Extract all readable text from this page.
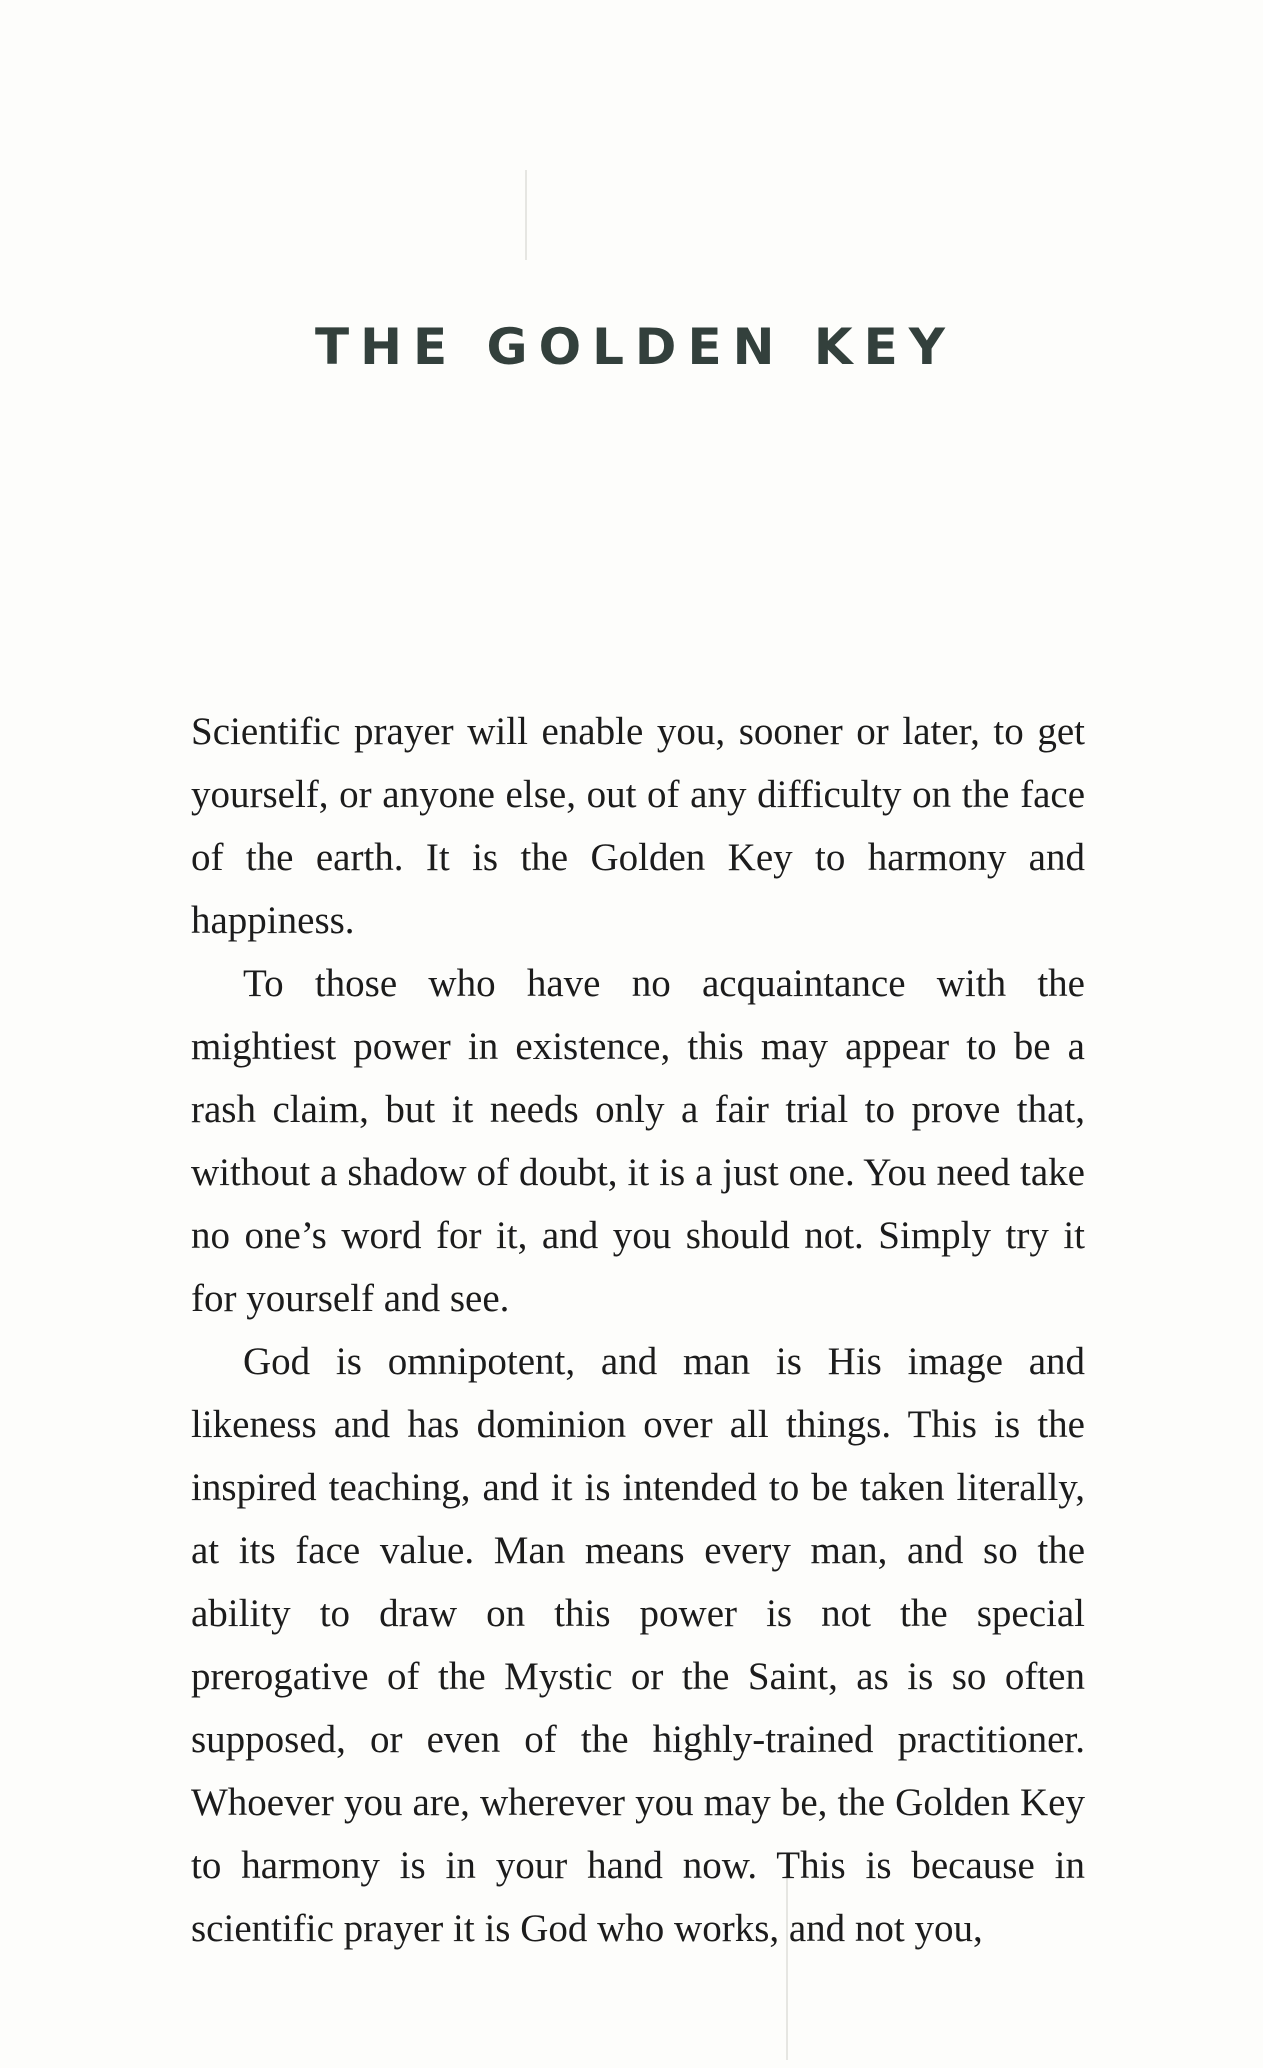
THE GOLDEN KEY

Scientific prayer will enable you, sooner or later, to get yourself, or anyone else, out of any difficulty on the face of the earth. It is the Golden Key to harmony and happiness.

To those who have no acquaintance with the mightiest power in existence, this may appear to be a rash claim, but it needs only a fair trial to prove that, without a shadow of doubt, it is a just one. You need take no one’s word for it, and you should not. Simply try it for yourself and see.

God is omnipotent, and man is His image and likeness and has dominion over all things. This is the inspired teaching, and it is intended to be taken literally, at its face value. Man means every man, and so the ability to draw on this power is not the special prerogative of the Mystic or the Saint, as is so often supposed, or even of the highly-trained practitioner. Whoever you are, wherever you may be, the Golden Key to harmony is in your hand now. This is because in scientific prayer it is God who works, and not you,
